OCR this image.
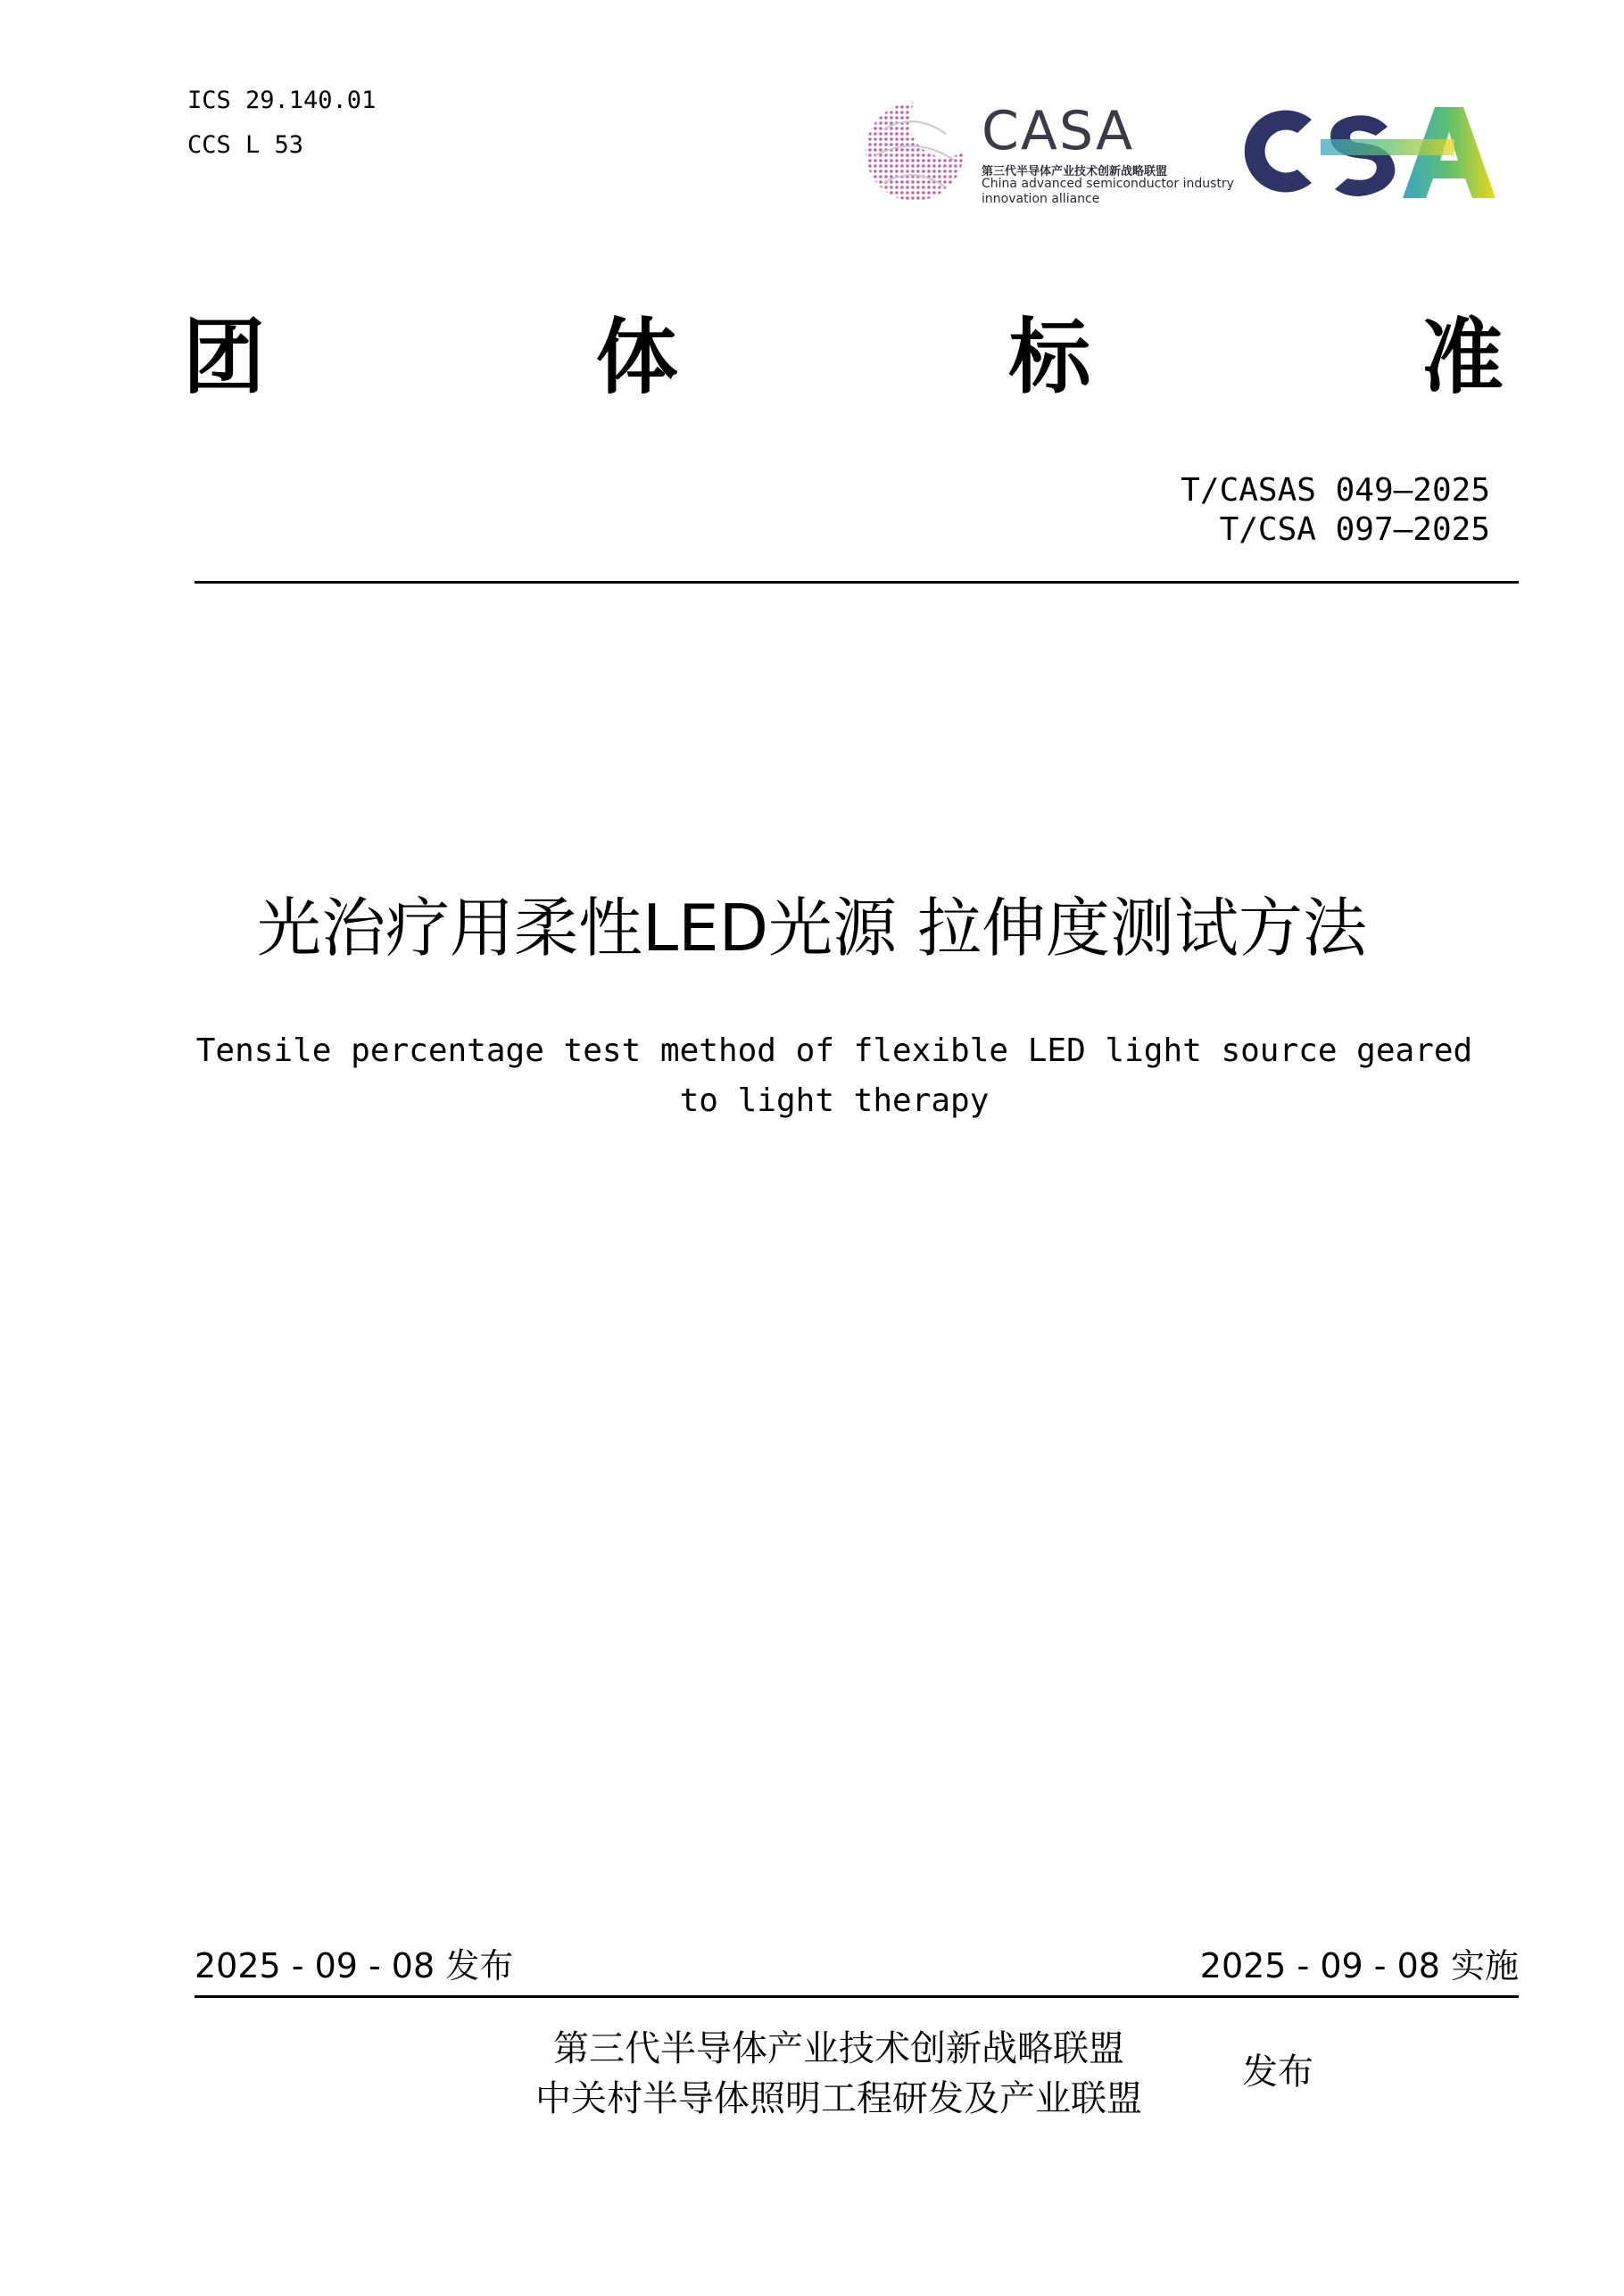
ICS 29.140.01
CCS L 53	CASA
第三代半导体产业技术创新战略联盟
China advanced semiconductor industry
innovation alliance
团	体	标	准
T/CASAS 049—2025
T/CSA 097—2025
光治疗用柔性LED光源 拉伸度测试方法
Tensile percentage test method of flexible LED light source geared
to light therapy
2025 - 09 - 08 发布	2025 - 09 - 08 实施
第三代半导体产业技术创新战略联盟
中关村半导体照明工程研发及产业联盟
发布
